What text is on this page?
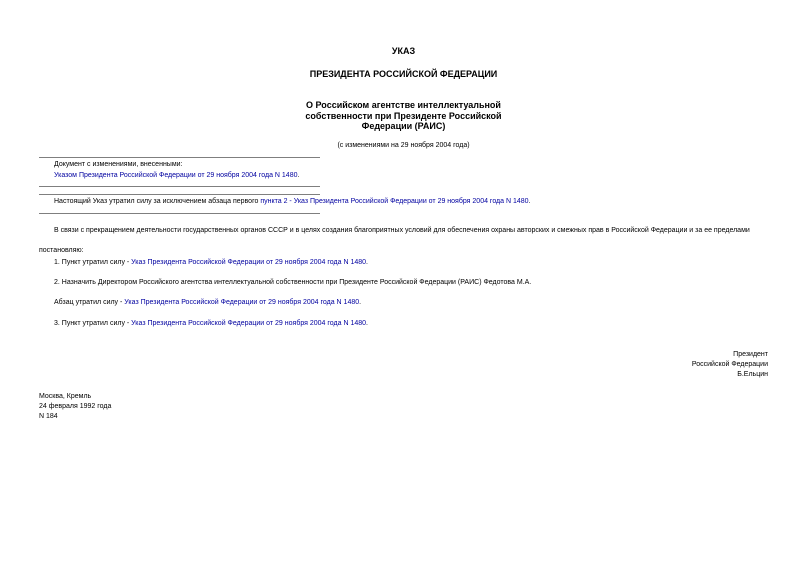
УКАЗ
ПРЕЗИДЕНТА РОССИЙСКОЙ ФЕДЕРАЦИИ
О Российском агентстве интеллектуальной
собственности при Президенте Российской
Федерации (РАИС)
(с изменениями на 29 ноября 2004 года)
Документ с изменениями, внесенными:
Указом Президента Российской Федерации от 29 ноября 2004 года N 1480.
Настоящий Указ утратил силу за исключением абзаца первого пункта 2 - Указ Президента Российской Федерации от 29 ноября 2004 года N 1480.
В связи с прекращением деятельности государственных органов СССР и в целях создания благоприятных условий для обеспечения охраны авторских и смежных прав в Российской Федерации и за ее пределами
постановляю:
1. Пункт утратил силу - Указ Президента Российской Федерации от 29 ноября 2004 года N 1480.
2. Назначить Директором Российского агентства интеллектуальной собственности при Президенте Российской Федерации (РАИС) Федотова М.А.
Абзац утратил силу - Указ Президента Российской Федерации от 29 ноября 2004 года N 1480.
3. Пункт утратил силу - Указ Президента Российской Федерации от 29 ноября 2004 года N 1480.
Президент
Российской Федерации
Б.Ельцин
Москва, Кремль
24 февраля 1992 года
N 184
